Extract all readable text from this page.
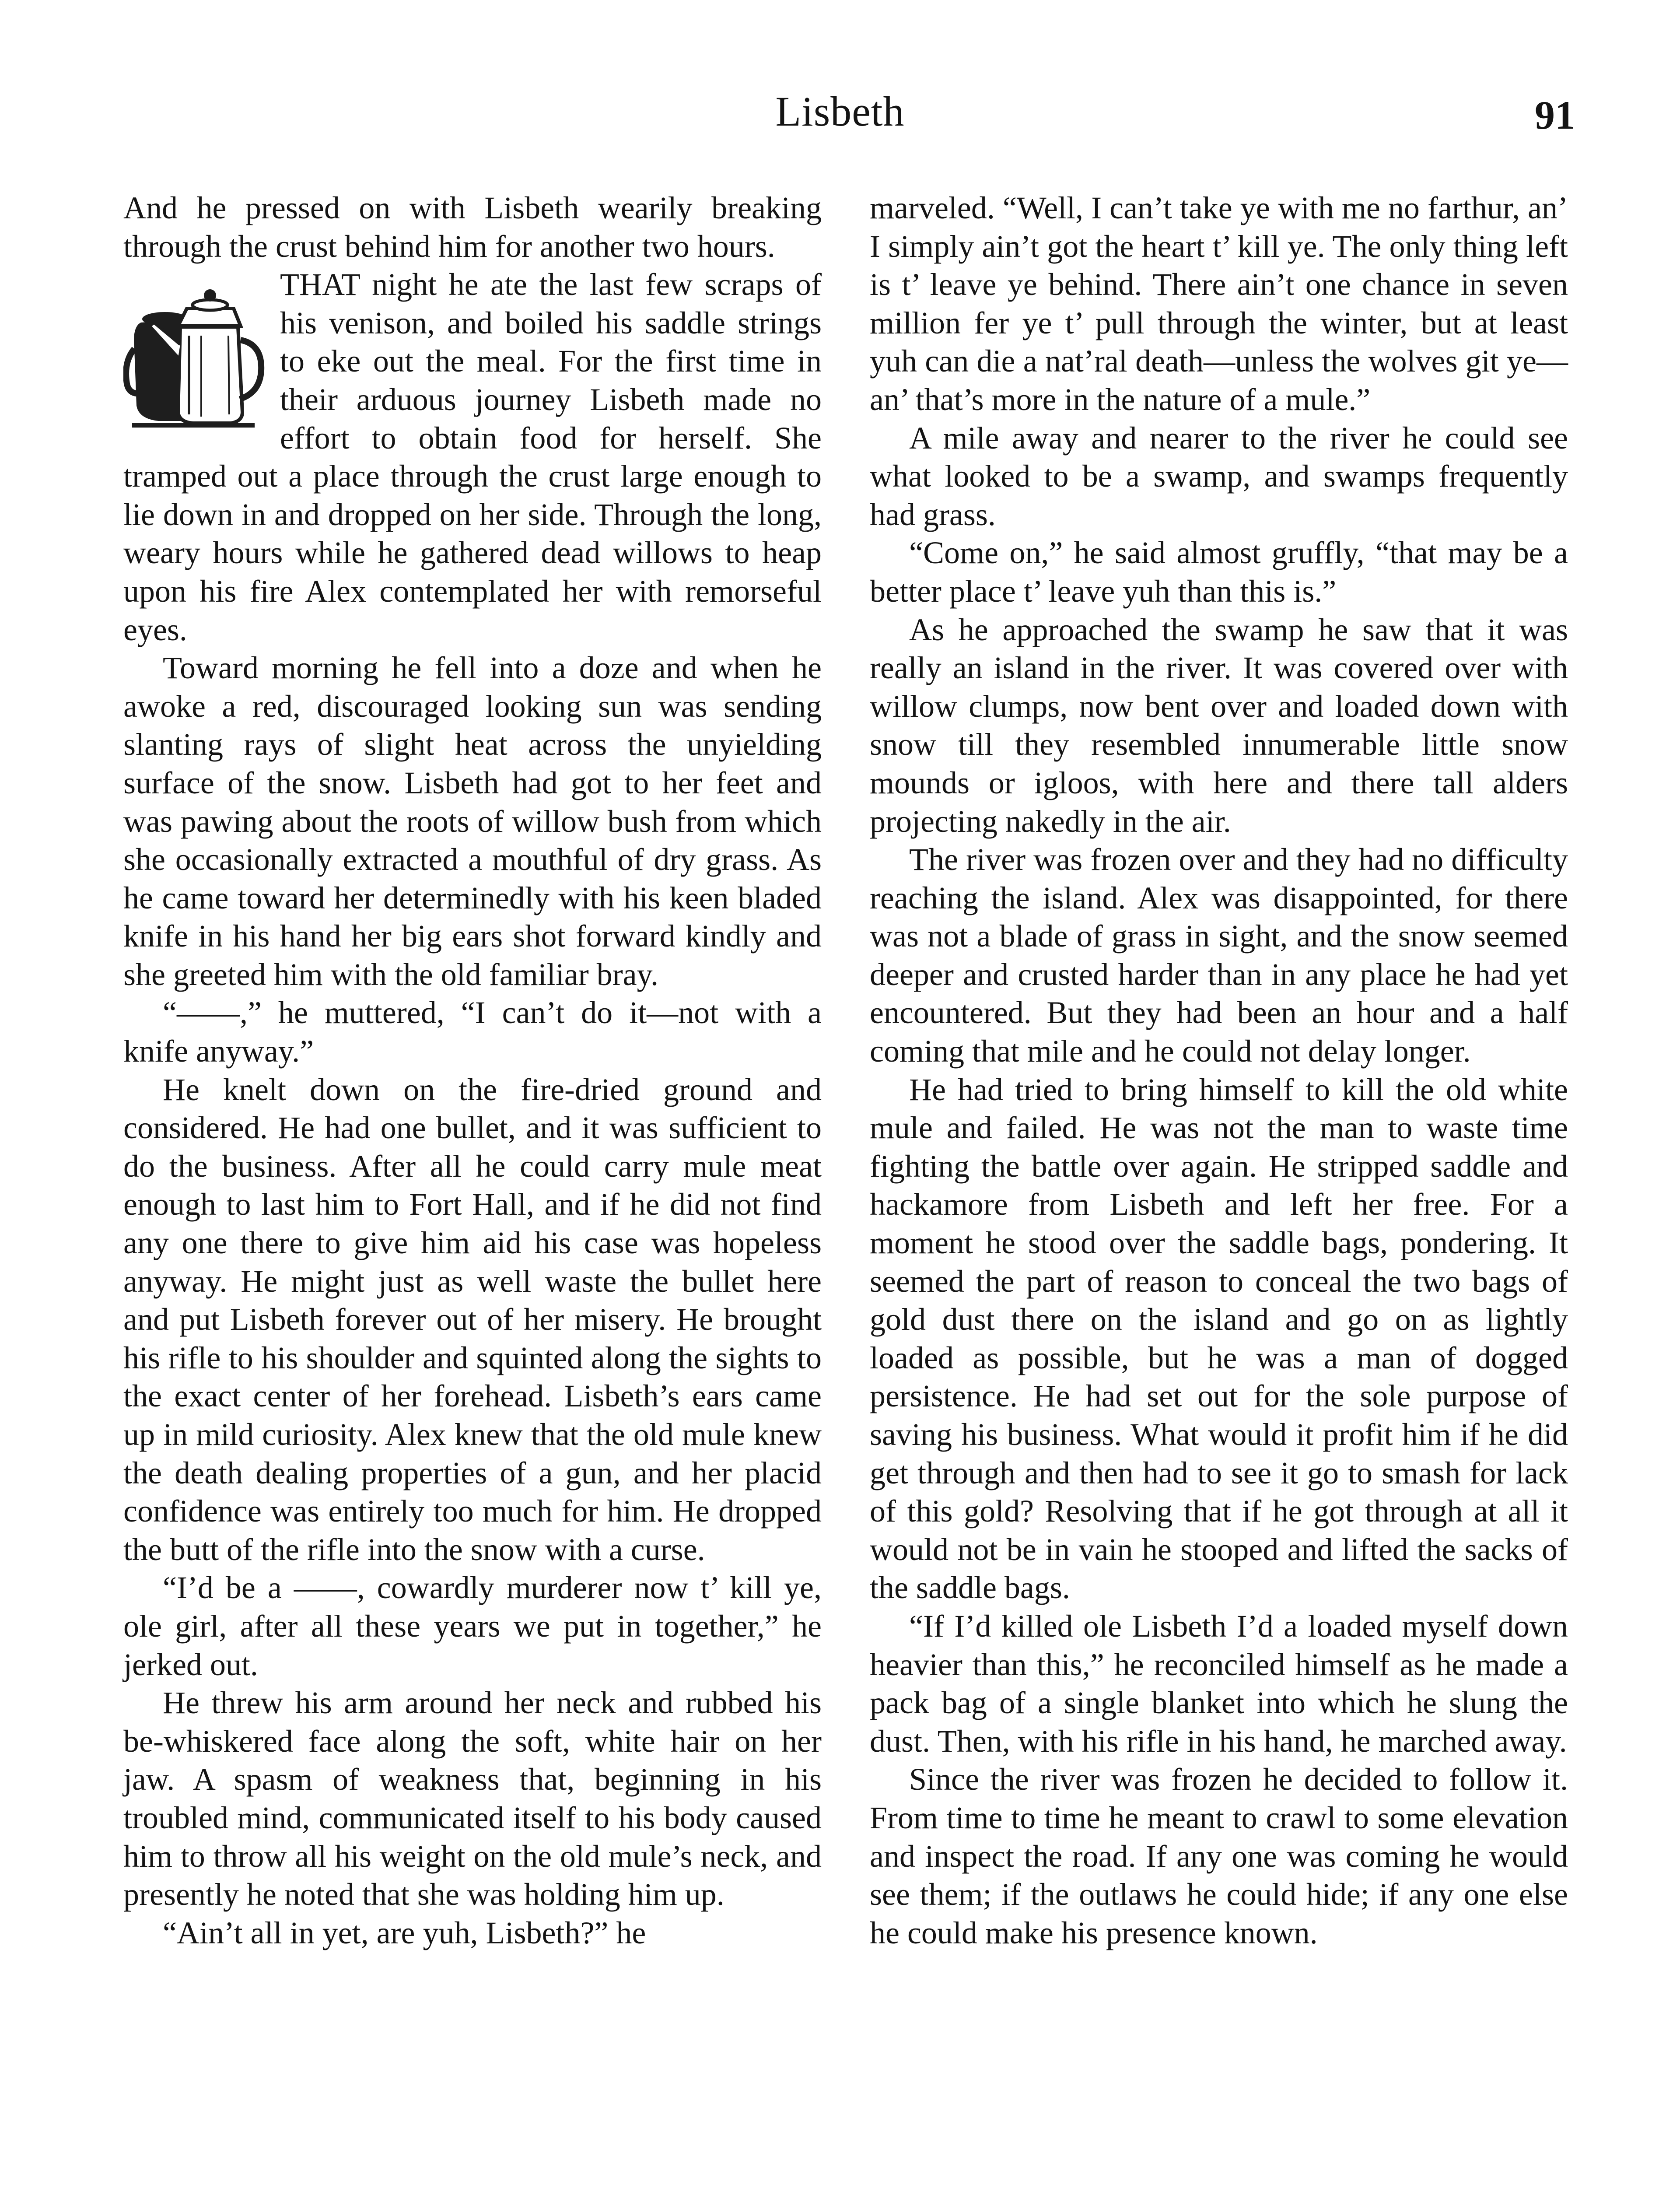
Lisbeth	91

And he pressed on with Lisbeth wearily breaking through the crust behind him for another two hours.

THAT night he ate the last few scraps of his venison, and boiled his saddle strings to eke out the meal. For the first time in their arduous journey Lisbeth made no effort to obtain food for herself. She tramped out a place through the crust large enough to lie down in and dropped on her side. Through the long, weary hours while he gathered dead willows to heap upon his fire Alex contemplated her with remorseful eyes.

Toward morning he fell into a doze and when he awoke a red, discouraged looking sun was sending slanting rays of slight heat across the unyielding surface of the snow. Lisbeth had got to her feet and was pawing about the roots of willow bush from which she occasionally extracted a mouthful of dry grass. As he came toward her determinedly with his keen bladed knife in his hand her big ears shot forward kindly and she greeted him with the old familiar bray.

“——,” he muttered, “I can’t do it—not with a knife anyway.”

He knelt down on the fire-dried ground and considered. He had one bullet, and it was sufficient to do the business. After all he could carry mule meat enough to last him to Fort Hall, and if he did not find any one there to give him aid his case was hopeless anyway. He might just as well waste the bullet here and put Lisbeth forever out of her misery. He brought his rifle to his shoulder and squinted along the sights to the exact center of her forehead. Lisbeth’s ears came up in mild curiosity. Alex knew that the old mule knew the death dealing properties of a gun, and her placid confidence was entirely too much for him. He dropped the butt of the rifle into the snow with a curse.

“I’d be a ——, cowardly murderer now t’ kill ye, ole girl, after all these years we put in together,” he jerked out.

He threw his arm around her neck and rubbed his be-whiskered face along the soft, white hair on her jaw. A spasm of weakness that, beginning in his troubled mind, communicated itself to his body caused him to throw all his weight on the old mule’s neck, and presently he noted that she was holding him up.

“Ain’t all in yet, are yuh, Lisbeth?” he

marveled. “Well, I can’t take ye with me no farthur, an’ I simply ain’t got the heart t’ kill ye. The only thing left is t’ leave ye behind. There ain’t one chance in seven million fer ye t’ pull through the winter, but at least yuh can die a nat’ral death—unless the wolves git ye—an’ that’s more in the nature of a mule.”

A mile away and nearer to the river he could see what looked to be a swamp, and swamps frequently had grass.

“Come on,” he said almost gruffly, “that may be a better place t’ leave yuh than this is.”

As he approached the swamp he saw that it was really an island in the river. It was covered over with willow clumps, now bent over and loaded down with snow till they resembled innumerable little snow mounds or igloos, with here and there tall alders projecting nakedly in the air.

The river was frozen over and they had no difficulty reaching the island. Alex was disappointed, for there was not a blade of grass in sight, and the snow seemed deeper and crusted harder than in any place he had yet encountered. But they had been an hour and a half coming that mile and he could not delay longer.

He had tried to bring himself to kill the old white mule and failed. He was not the man to waste time fighting the battle over again. He stripped saddle and hackamore from Lisbeth and left her free. For a moment he stood over the saddle bags, pondering. It seemed the part of reason to conceal the two bags of gold dust there on the island and go on as lightly loaded as possible, but he was a man of dogged persistence. He had set out for the sole purpose of saving his business. What would it profit him if he did get through and then had to see it go to smash for lack of this gold? Resolving that if he got through at all it would not be in vain he stooped and lifted the sacks of the saddle bags.

“If I’d killed ole Lisbeth I’d a loaded myself down heavier than this,” he reconciled himself as he made a pack bag of a single blanket into which he slung the dust. Then, with his rifle in his hand, he marched away.

Since the river was frozen he decided to follow it. From time to time he meant to crawl to some elevation and inspect the road. If any one was coming he would see them; if the outlaws he could hide; if any one else he could make his presence known.
